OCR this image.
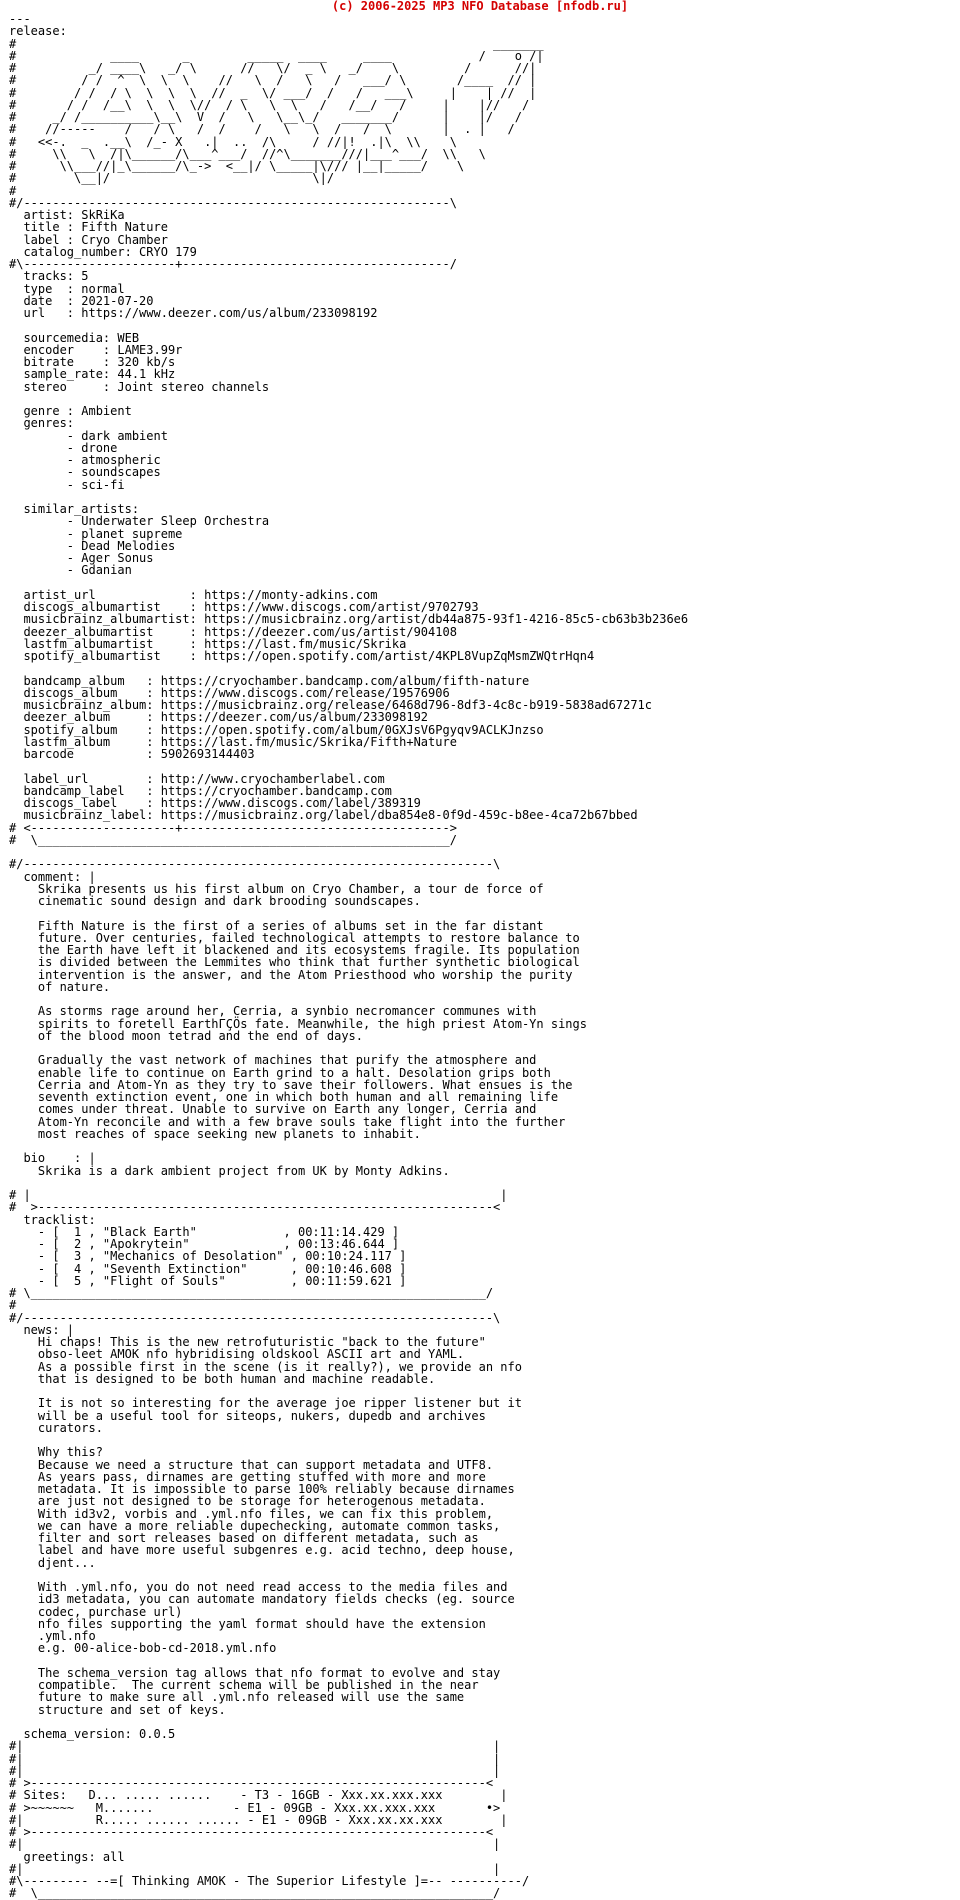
(c) 2006-2025 MP3 NFO Database [nfodb.ru]
---
release:
#                                                                  _______
#             ____      _        _____  ____     ____            /    o /|
#          _/ ____\   _/ \      //   \/  _ \   _/    \         /      //|
#         / /  ^  \  \  \    //   \  /   \   /   ___/ \       /____  // |
#        / /  / \  \  \  \  //  _  \/ ___/  /   /   ___\     |    | //  |
#       / /  /__\  \  \  \//  / \   \  \   /   /__/   /     |    |//   /
#     _/ /__________\__\  V  /   \   \__\_/   _______/      |    |/   /
#    //-----    /   / \   /  /    /   \   \  /   /  \       |  . |   /
#   <<-.  _  .__\  /_- X   .|  ..  /\     / //|!  .|\  \\    \
#     \\   \  /|\______/\___^___/  //^\_______///|___^___/  \\   \
#      \\___//|_\______/\_->  <__|/ \_____|\/// |__|_____/    \
#        \__|/                            \|/
#
#/-----------------------------------------------------------\
artist: SkRiKa
title : Fifth Nature
label : Cryo Chamber
catalog_number: CRYO 179
#\---------------------+-------------------------------------/
tracks: 5
type  : normal
date  : 2021-07-20
url   : https://www.deezer.com/us/album/233098192

sourcemedia: WEB
encoder    : LAME3.99r
bitrate    : 320 kb/s
sample_rate: 44.1 kHz
stereo     : Joint stereo channels

genre : Ambient
genres:
- dark ambient
- drone
- atmospheric
- soundscapes
- sci-fi

similar_artists:
- Underwater Sleep Orchestra
- planet supreme
- Dead Melodies
- Ager Sonus
- Gdanian

artist_url             : https://monty-adkins.com
discogs_albumartist    : https://www.discogs.com/artist/9702793
musicbrainz_albumartist: https://musicbrainz.org/artist/db44a875-93f1-4216-85c5-cb63b3b236e6
deezer_albumartist     : https://deezer.com/us/artist/904108
lastfm_albumartist     : https://last.fm/music/Skrika
spotify_albumartist    : https://open.spotify.com/artist/4KPL8VupZqMsmZWQtrHqn4

bandcamp_album   : https://cryochamber.bandcamp.com/album/fifth-nature
discogs_album    : https://www.discogs.com/release/19576906
musicbrainz_album: https://musicbrainz.org/release/6468d796-8df3-4c8c-b919-5838ad67271c
deezer_album     : https://deezer.com/us/album/233098192
spotify_album    : https://open.spotify.com/album/0GXJsV6Pgyqv9ACLKJnzso
lastfm_album     : https://last.fm/music/Skrika/Fifth+Nature
barcode          : 5902693144403

label_url        : http://www.cryochamberlabel.com
bandcamp_label   : https://cryochamber.bandcamp.com
discogs_label    : https://www.discogs.com/label/389319
musicbrainz_label: https://musicbrainz.org/label/dba854e8-0f9d-459c-b8ee-4ca72b67bbed
# <--------------------+------------------------------------->
#  \_________________________________________________________/

#/-----------------------------------------------------------------\
comment: |
Skrika presents us his first album on Cryo Chamber, a tour de force of
cinematic sound design and dark brooding soundscapes.

Fifth Nature is the first of a series of albums set in the far distant
future. Over centuries, failed technological attempts to restore balance to
the Earth have left it blackened and its ecosystems fragile. Its population
is divided between the Lemmites who think that further synthetic biological
intervention is the answer, and the Atom Priesthood who worship the purity
of nature.

As storms rage around her, Cerria, a synbio necromancer communes with
spirits to foretell EarthΓÇÖs fate. Meanwhile, the high priest Atom-Yn sings
of the blood moon tetrad and the end of days.

Gradually the vast network of machines that purify the atmosphere and
enable life to continue on Earth grind to a halt. Desolation grips both
Cerria and Atom-Yn as they try to save their followers. What ensues is the
seventh extinction event, one in which both human and all remaining life
comes under threat. Unable to survive on Earth any longer, Cerria and
Atom-Yn reconcile and with a few brave souls take flight into the further
most reaches of space seeking new planets to inhabit.

bio    : |
Skrika is a dark ambient project from UK by Monty Adkins.

# |                                                                 |
#  >---------------------------------------------------------------<
tracklist:
- [  1 , "Black Earth"            , 00:11:14.429 ]
- [  2 , "Apokrytein"             , 00:13:46.644 ]
- [  3 , "Mechanics of Desolation" , 00:10:24.117 ]
- [  4 , "Seventh Extinction"      , 00:10:46.608 ]
- [  5 , "Flight of Souls"         , 00:11:59.621 ]
# \_______________________________________________________________/
#
#/-----------------------------------------------------------------\
news: |
Hi chaps! This is the new retrofuturistic "back to the future"
obso-leet AMOK nfo hybridising oldskool ASCII art and YAML.
As a possible first in the scene (is it really?), we provide an nfo
that is designed to be both human and machine readable.

It is not so interesting for the average joe ripper listener but it
will be a useful tool for siteops, nukers, dupedb and archives
curators.

Why this?
Because we need a structure that can support metadata and UTF8.
As years pass, dirnames are getting stuffed with more and more
metadata. It is impossible to parse 100% reliably because dirnames
are just not designed to be storage for heterogenous metadata.
With id3v2, vorbis and .yml.nfo files, we can fix this problem,
we can have a more reliable dupechecking, automate common tasks,
filter and sort releases based on different metadata, such as
label and have more useful subgenres e.g. acid techno, deep house,
djent...

With .yml.nfo, you do not need read access to the media files and
id3 metadata, you can automate mandatory fields checks (eg. source
codec, purchase url)
nfo files supporting the yaml format should have the extension
.yml.nfo
e.g. 00-alice-bob-cd-2018.yml.nfo

The schema_version tag allows that nfo format to evolve and stay
compatible.  The current schema will be published in the near
future to make sure all .yml.nfo released will use the same
structure and set of keys.

schema_version: 0.0.5
#|                                                                 |
#|                                                                 |
#|                                                                 |
# >---------------------------------------------------------------<
# Sites:   D... ..... ......    - T3 - 16GB - Xxx.xx.xxx.xxx        |
# >~~~~~~   M.......           - E1 - 09GB - Xxx.xx.xxx.xxx       •>
#|          R..... ...... ...... - E1 - 09GB - Xxx.xx.xx.xxx        |
# >---------------------------------------------------------------<
#|                                                                 |
greetings: all
#|                                                                 |
#\--------- --=[ Thinking AMOK - The Superior Lifestyle ]=-- ----------/
#  \_______________________________________________________________/
